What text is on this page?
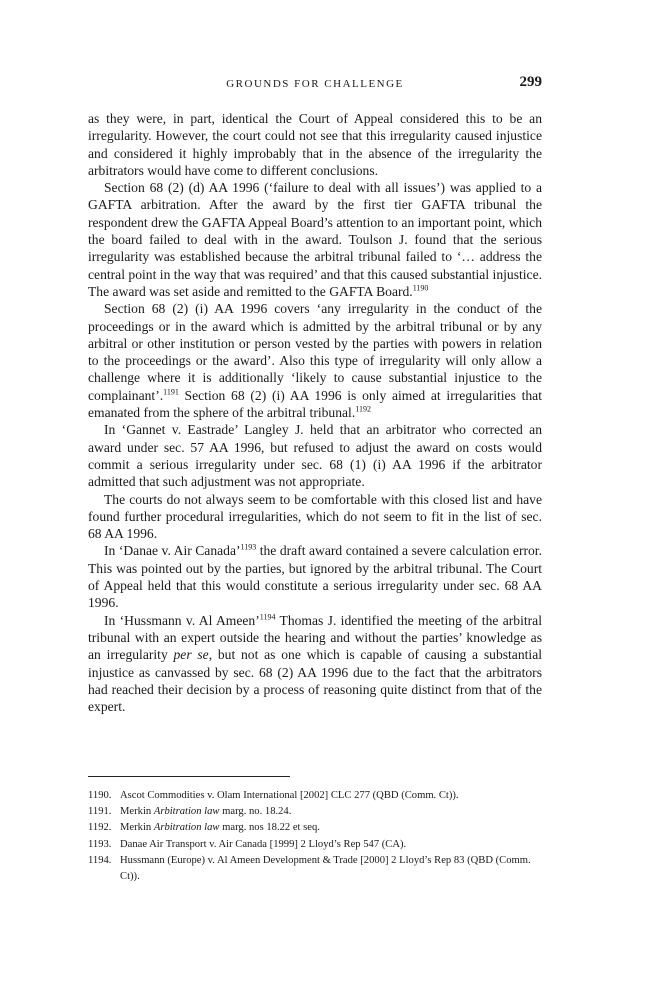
GROUNDS FOR CHALLENGE	299

as they were, in part, identical the Court of Appeal considered this to be an irregularity. However, the court could not see that this irregularity caused injustice and considered it highly improbably that in the absence of the irregularity the arbitrators would have come to different conclusions.

Section 68 (2) (d) AA 1996 (‘failure to deal with all issues’) was applied to a GAFTA arbitration. After the award by the first tier GAFTA tribunal the respondent drew the GAFTA Appeal Board’s attention to an important point, which the board failed to deal with in the award. Toulson J. found that the serious irregularity was established because the arbitral tribunal failed to ‘… address the central point in the way that was required’ and that this caused substantial injustice. The award was set aside and remitted to the GAFTA Board.$^{1190}$

Section 68 (2) (i) AA 1996 covers ‘any irregularity in the conduct of the proceedings or in the award which is admitted by the arbitral tribunal or by any arbitral or other institution or person vested by the parties with powers in relation to the proceedings or the award’. Also this type of irregularity will only allow a challenge where it is additionally ‘likely to cause substantial injustice to the complainant’.$^{1191}$ Section 68 (2) (i) AA 1996 is only aimed at irregularities that emanated from the sphere of the arbitral tribunal.$^{1192}$

In ‘Gannet v. Eastrade’ Langley J. held that an arbitrator who corrected an award under sec. 57 AA 1996, but refused to adjust the award on costs would commit a serious irregularity under sec. 68 (1) (i) AA 1996 if the arbitrator admitted that such adjustment was not appropriate.

The courts do not always seem to be comfortable with this closed list and have found further procedural irregularities, which do not seem to fit in the list of sec. 68 AA 1996.

In ‘Danae v. Air Canada’$^{1193}$ the draft award contained a severe calculation error. This was pointed out by the parties, but ignored by the arbitral tribunal. The Court of Appeal held that this would constitute a serious irregularity under sec. 68 AA 1996.

In ‘Hussmann v. Al Ameen’$^{1194}$ Thomas J. identified the meeting of the arbitral tribunal with an expert outside the hearing and without the parties’ knowledge as an irregularity per se, but not as one which is capable of causing a substantial injustice as canvassed by sec. 68 (2) AA 1996 due to the fact that the arbitrators had reached their decision by a process of reasoning quite distinct from that of the expert.

1190. Ascot Commodities v. Olam International [2002] CLC 277 (QBD (Comm. Ct)).
1191. Merkin Arbitration law marg. no. 18.24.
1192. Merkin Arbitration law marg. nos 18.22 et seq.
1193. Danae Air Transport v. Air Canada [1999] 2 Lloyd’s Rep 547 (CA).
1194. Hussmann (Europe) v. Al Ameen Development & Trade [2000] 2 Lloyd’s Rep 83 (QBD (Comm. Ct)).
